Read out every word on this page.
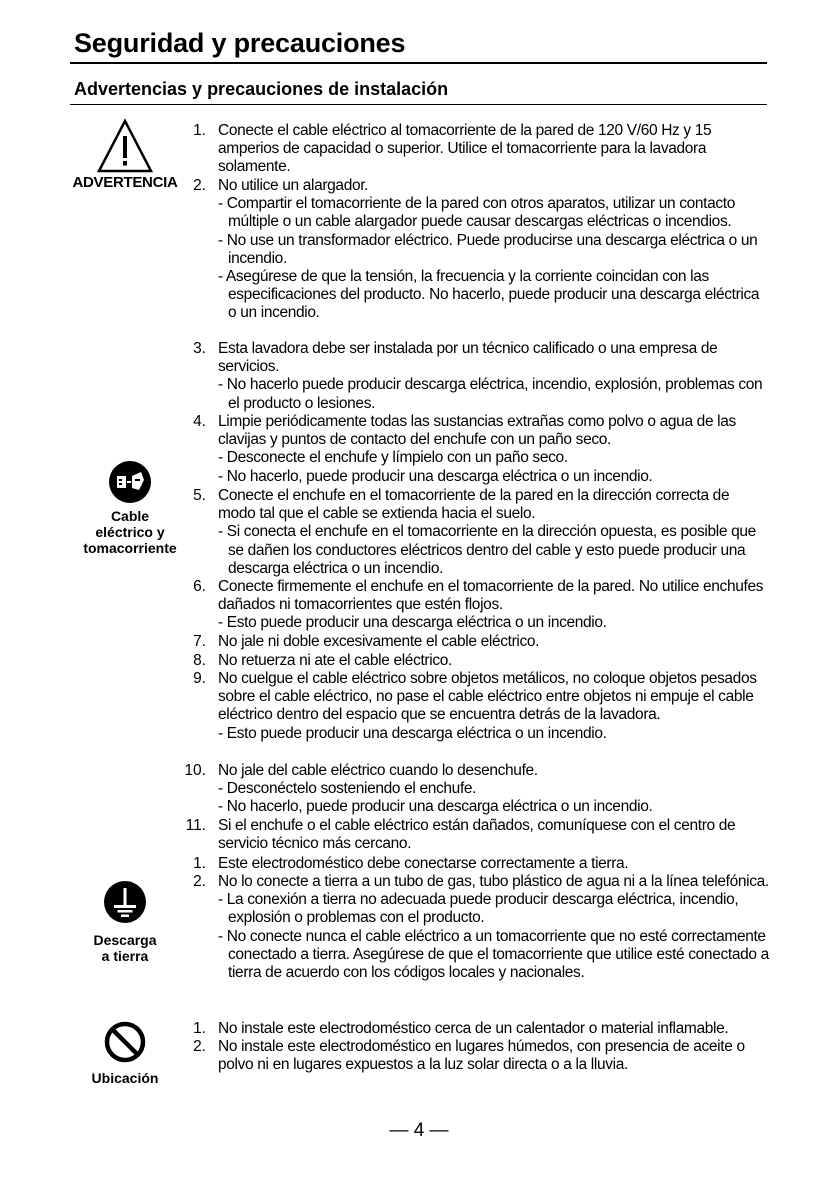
Seguridad y precauciones
Advertencias y precauciones de instalación
ADVERTENCIA
Cable
eléctrico y
tomacorriente
Descarga
a tierra
Ubicación
1. Conecte el cable eléctrico al tomacorriente de la pared de 120 V/60 Hz y 15 amperios de capacidad o superior. Utilice el tomacorriente para la lavadora solamente.
2. No utilice un alargador.
- Compartir el tomacorriente de la pared con otros aparatos, utilizar un contacto múltiple o un cable alargador puede causar descargas eléctricas o incendios.
- No use un transformador eléctrico. Puede producirse una descarga eléctrica o un incendio.
- Asegúrese de que la tensión, la frecuencia y la corriente coincidan con las especificaciones del producto. No hacerlo, puede producir una descarga eléctrica o un incendio.
3. Esta lavadora debe ser instalada por un técnico calificado o una empresa de servicios.
- No hacerlo puede producir descarga eléctrica, incendio, explosión, problemas con el producto o lesiones.
4. Limpie periódicamente todas las sustancias extrañas como polvo o agua de las clavijas y puntos de contacto del enchufe con un paño seco.
- Desconecte el enchufe y límpielo con un paño seco.
- No hacerlo, puede producir una descarga eléctrica o un incendio.
5. Conecte el enchufe en el tomacorriente de la pared en la dirección correcta de modo tal que el cable se extienda hacia el suelo.
- Si conecta el enchufe en el tomacorriente en la dirección opuesta, es posible que se dañen los conductores eléctricos dentro del cable y esto puede producir una descarga eléctrica o un incendio.
6. Conecte firmemente el enchufe en el tomacorriente de la pared. No utilice enchufes dañados ni tomacorrientes que estén flojos.
- Esto puede producir una descarga eléctrica o un incendio.
7. No jale ni doble excesivamente el cable eléctrico.
8. No retuerza ni ate el cable eléctrico.
9. No cuelgue el cable eléctrico sobre objetos metálicos, no coloque objetos pesados sobre el cable eléctrico, no pase el cable eléctrico entre objetos ni empuje el cable eléctrico dentro del espacio que se encuentra detrás de la lavadora.
- Esto puede producir una descarga eléctrica o un incendio.
10. No jale del cable eléctrico cuando lo desenchufe.
- Desconéctelo sosteniendo el enchufe.
- No hacerlo, puede producir una descarga eléctrica o un incendio.
11. Si el enchufe o el cable eléctrico están dañados, comuníquese con el centro de servicio técnico más cercano.
1. Este electrodoméstico debe conectarse correctamente a tierra.
2. No lo conecte a tierra a un tubo de gas, tubo plástico de agua ni a la línea telefónica.
- La conexión a tierra no adecuada puede producir descarga eléctrica, incendio, explosión o problemas con el producto.
- No conecte nunca el cable eléctrico a un tomacorriente que no esté correctamente conectado a tierra. Asegúrese de que el tomacorriente que utilice esté conectado a tierra de acuerdo con los códigos locales y nacionales.
1. No instale este electrodoméstico cerca de un calentador o material inflamable.
2. No instale este electrodoméstico en lugares húmedos, con presencia de aceite o polvo ni en lugares expuestos a la luz solar directa o a la lluvia.
— 4 —
